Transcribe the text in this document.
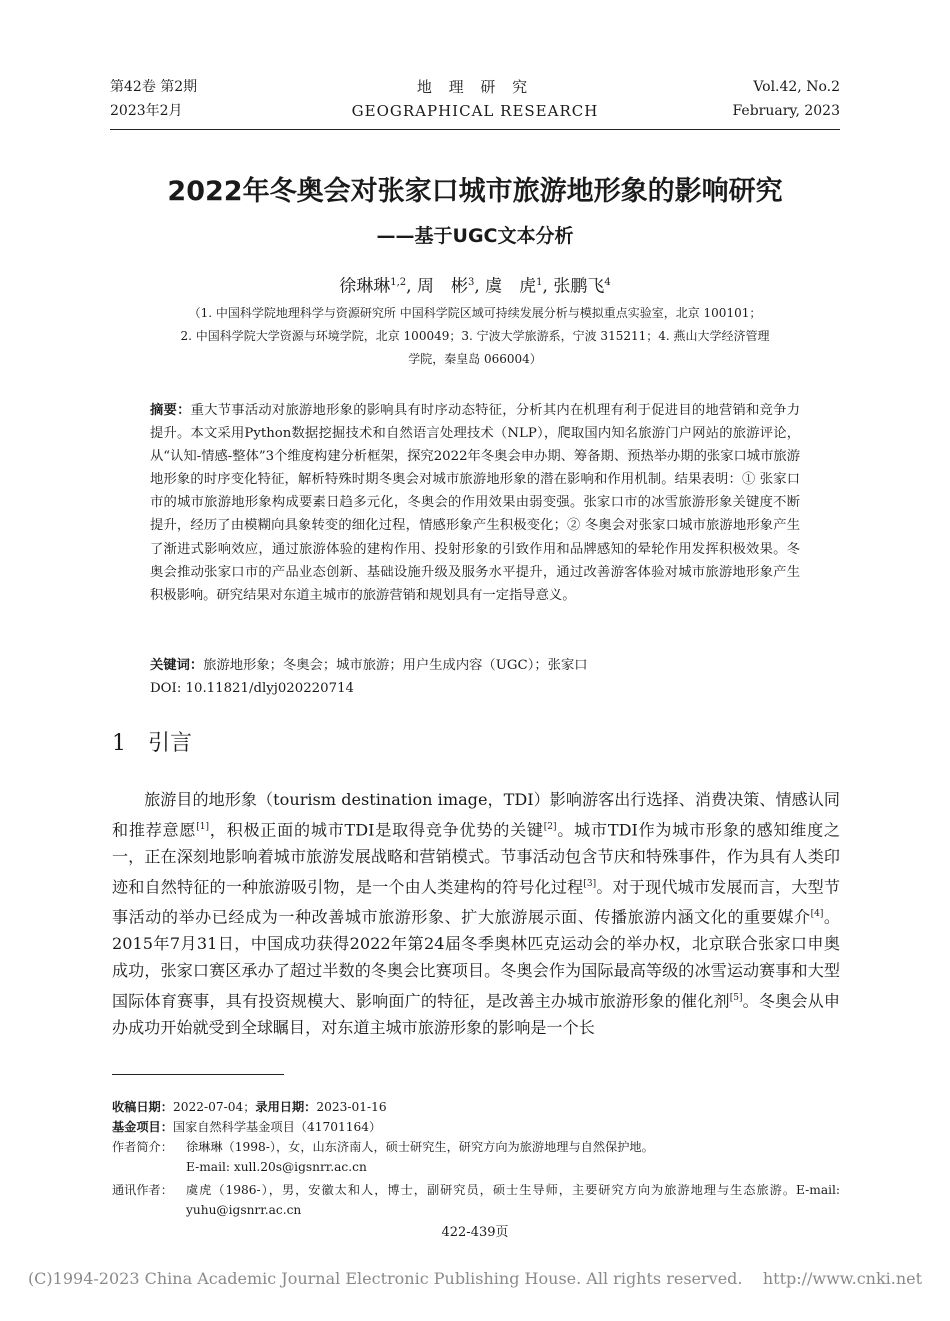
第42卷 第2期
2023年2月
地 理 研 究
GEOGRAPHICAL RESEARCH
Vol.42, No.2
February, 2023
2022年冬奥会对张家口城市旅游地形象的影响研究
——基于UGC文本分析
徐琳琳$^{1,2}$, 周　彬$^3$, 虞　虎$^1$, 张鹏飞$^4$
（1. 中国科学院地理科学与资源研究所 中国科学院区域可持续发展分析与模拟重点实验室，北京 100101；
2. 中国科学院大学资源与环境学院，北京 100049；3. 宁波大学旅游系，宁波 315211；4. 燕山大学经济管理
学院，秦皇岛 066004）
摘要：重大节事活动对旅游地形象的影响具有时序动态特征，分析其内在机理有利于促进目的地营销和竞争力提升。本文采用Python数据挖掘技术和自然语言处理技术（NLP），爬取国内知名旅游门户网站的旅游评论，从“认知-情感-整体”3个维度构建分析框架，探究2022年冬奥会申办期、筹备期、预热举办期的张家口城市旅游地形象的时序变化特征，解析特殊时期冬奥会对城市旅游地形象的潜在影响和作用机制。结果表明：① 张家口市的城市旅游地形象构成要素日趋多元化，冬奥会的作用效果由弱变强。张家口市的冰雪旅游形象关键度不断提升，经历了由模糊向具象转变的细化过程，情感形象产生积极变化；② 冬奥会对张家口城市旅游地形象产生了渐进式影响效应，通过旅游体验的建构作用、投射形象的引致作用和品牌感知的晕轮作用发挥积极效果。冬奥会推动张家口市的产品业态创新、基础设施升级及服务水平提升，通过改善游客体验对城市旅游地形象产生积极影响。研究结果对东道主城市的旅游营销和规划具有一定指导意义。
关键词：旅游地形象；冬奥会；城市旅游；用户生成内容（UGC）；张家口
DOI: 10.11821/dlyj020220714
1　引言

旅游目的地形象（tourism destination image，TDI）影响游客出行选择、消费决策、情感认同和推荐意愿[1]，积极正面的城市TDI是取得竞争优势的关键[2]。城市TDI作为城市形象的感知维度之一，正在深刻地影响着城市旅游发展战略和营销模式。节事活动包含节庆和特殊事件，作为具有人类印迹和自然特征的一种旅游吸引物，是一个由人类建构的符号化过程[3]。对于现代城市发展而言，大型节事活动的举办已经成为一种改善城市旅游形象、扩大旅游展示面、传播旅游内涵文化的重要媒介[4]。2015年7月31日，中国成功获得2022年第24届冬季奥林匹克运动会的举办权，北京联合张家口申奥成功，张家口赛区承办了超过半数的冬奥会比赛项目。冬奥会作为国际最高等级的冰雪运动赛事和大型国际体育赛事，具有投资规模大、影响面广的特征，是改善主办城市旅游形象的催化剂[5]。冬奥会从申办成功开始就受到全球瞩目，对东道主城市旅游形象的影响是一个长

收稿日期：2022-07-04；录用日期：2023-01-16
基金项目：国家自然科学基金项目（41701164）
作者简介： 徐琳琳（1998-），女，山东济南人，硕士研究生，研究方向为旅游地理与自然保护地。
E-mail: xull.20s@igsnrr.ac.cn
通讯作者： 虞虎（1986-），男，安徽太和人，博士，副研究员，硕士生导师，主要研究方向为旅游地理与生态旅游。E-mail: yuhu@igsnrr.ac.cn
422-439页
(C)1994-2023 China Academic Journal Electronic Publishing House. All rights reserved.    http://www.cnki.net
